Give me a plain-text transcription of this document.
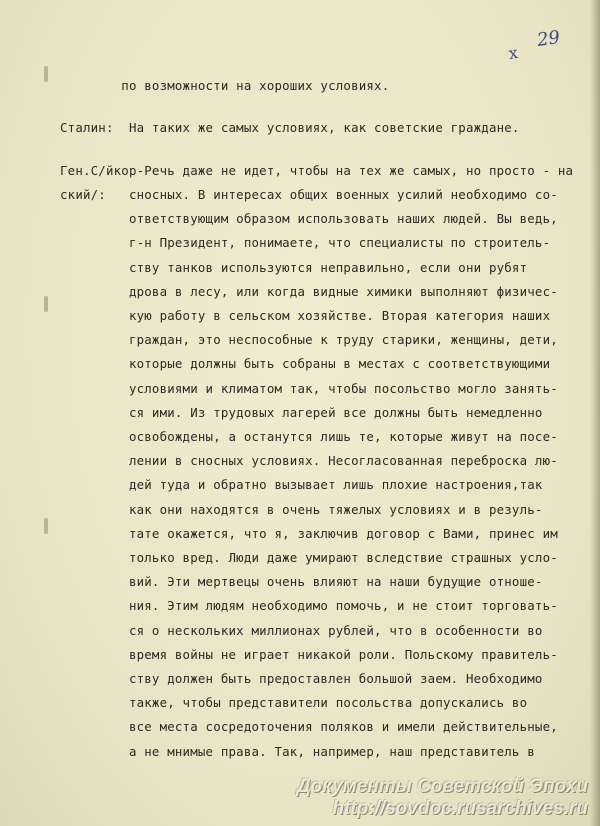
х
29
по возможности на хороших условиях.
Сталин:  На таких же самых условиях, как советские граждане.
Ген.С/йкор-Речь даже не идет, чтобы на тех же самых, но просто - на
ский/:   сносных. В интересах общих военных усилий необходимо со-
ответствующим образом использовать наших людей. Вы ведь,
г-н Президент, понимаете, что специалисты по строитель-
ству танков используются неправильно, если они рубят
дрова в лесу, или когда видные химики выполняют физичес-
кую работу в сельском хозяйстве. Вторая категория наших
граждан, это неспособные к труду старики, женщины, дети,
которые должны быть собраны в местах с соответствующими
условиями и климатом так, чтобы посольство могло занять-
ся ими. Из трудовых лагерей все должны быть немедленно
освобождены, а останутся лишь те, которые живут на посе-
лении в сносных условиях. Несогласованная переброска лю-
дей туда и обратно вызывает лишь плохие настроения,так
как они находятся в очень тяжелых условиях и в резуль-
тате окажется, что я, заключив договор с Вами, принес им
только вред. Люди даже умирают вследствие страшных усло-
вий. Эти мертвецы очень влияют на наши будущие отноше-
ния. Этим людям необходимо помочь, и не стоит торговать-
ся о нескольких миллионах рублей, что в особенности во
время войны не играет никакой роли. Польскому правитель-
ству должен быть предоставлен большой заем. Необходимо
также, чтобы представители посольства допускались во
все места сосредоточения поляков и имели действительные,
а не мнимые права. Так, например, наш представитель в
Документы Советской Эпохи
http://sovdoc.rusarchives.ru
